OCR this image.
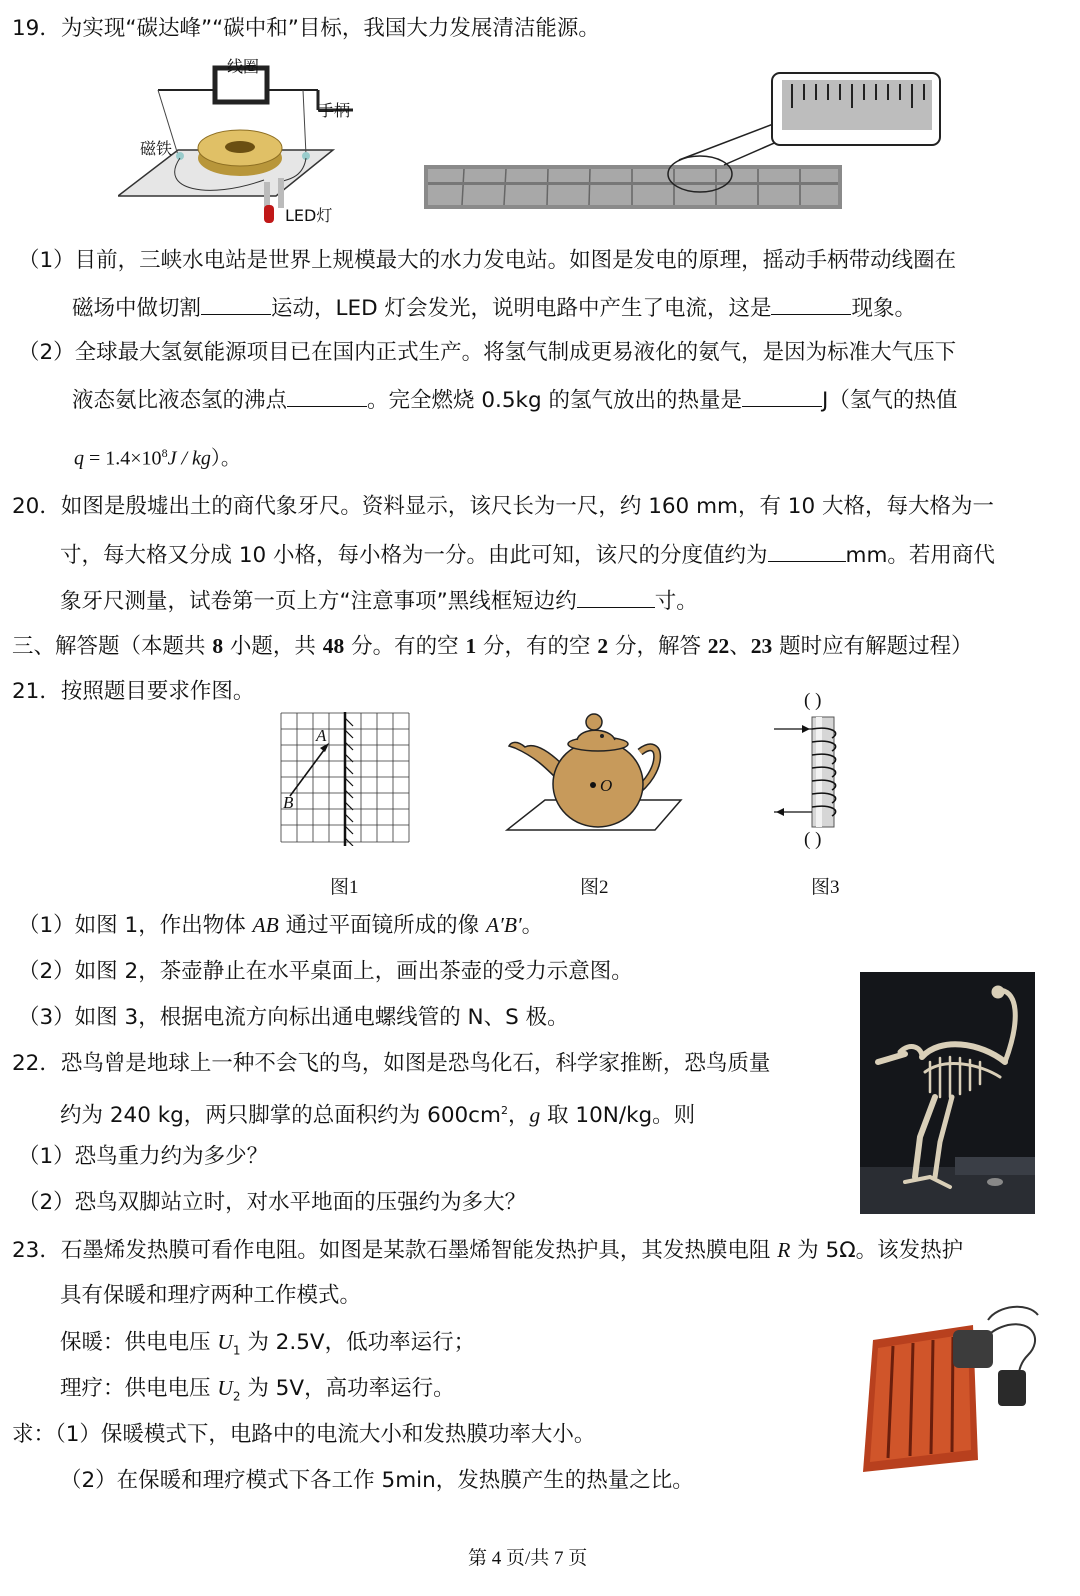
19．为实现“碳达峰”“碳中和”目标，我国大力发展清洁能源。
线圈
手柄
磁铁
LED灯
（1）目前，三峡水电站是世界上规模最大的水力发电站。如图是发电的原理，摇动手柄带动线圈在
磁场中做切割	运动，LED 灯会发光，说明电路中产生了电流，这是	现象。
（2）全球最大氢氨能源项目已在国内正式生产。将氢气制成更易液化的氨气，是因为标准大气压下
液态氨比液态氢的沸点	。完全燃烧 0.5kg 的氢气放出的热量是	J（氢气的热值
$q = 1.4\times 10^8J / kg$）。
20．如图是殷墟出土的商代象牙尺。资料显示，该尺长为一尺，约 160 mm，有 10 大格，每大格为一
寸，每大格又分成 10 小格，每小格为一分。由此可知，该尺的分度值约为	mm。若用商代
象牙尺测量，试卷第一页上方“注意事项”黑线框短边约	寸。
三、解答题（本题共 8 小题，共 48 分。有的空 1 分，有的空 2 分，解答 22、23 题时应有解题过程）
21．按照题目要求作图。
A
B
图1
O
图2
( )
( )
图3
（1）如图 1，作出物体 AB 通过平面镜所成的像 A′B′。
（2）如图 2，茶壶静止在水平桌面上，画出茶壶的受力示意图。
（3）如图 3，根据电流方向标出通电螺线管的 N、S 极。
22．恐鸟曾是地球上一种不会飞的鸟，如图是恐鸟化石，科学家推断，恐鸟质量
约为 240 kg，两只脚掌的总面积约为 $600cm^2$，g 取 10N/kg。则
（1）恐鸟重力约为多少？
（2）恐鸟双脚站立时，对水平地面的压强约为多大？
23．石墨烯发热膜可看作电阻。如图是某款石墨烯智能发热护具，其发热膜电阻 R 为 5Ω。该发热护
具有保暖和理疗两种工作模式。
保暖：供电电压 $U_1$ 为 2.5V，低功率运行；
理疗：供电电压 $U_2$ 为 5V，高功率运行。
求：（1）保暖模式下，电路中的电流大小和发热膜功率大小。
（2）在保暖和理疗模式下各工作 5min，发热膜产生的热量之比。
第 4 页/共 7 页
